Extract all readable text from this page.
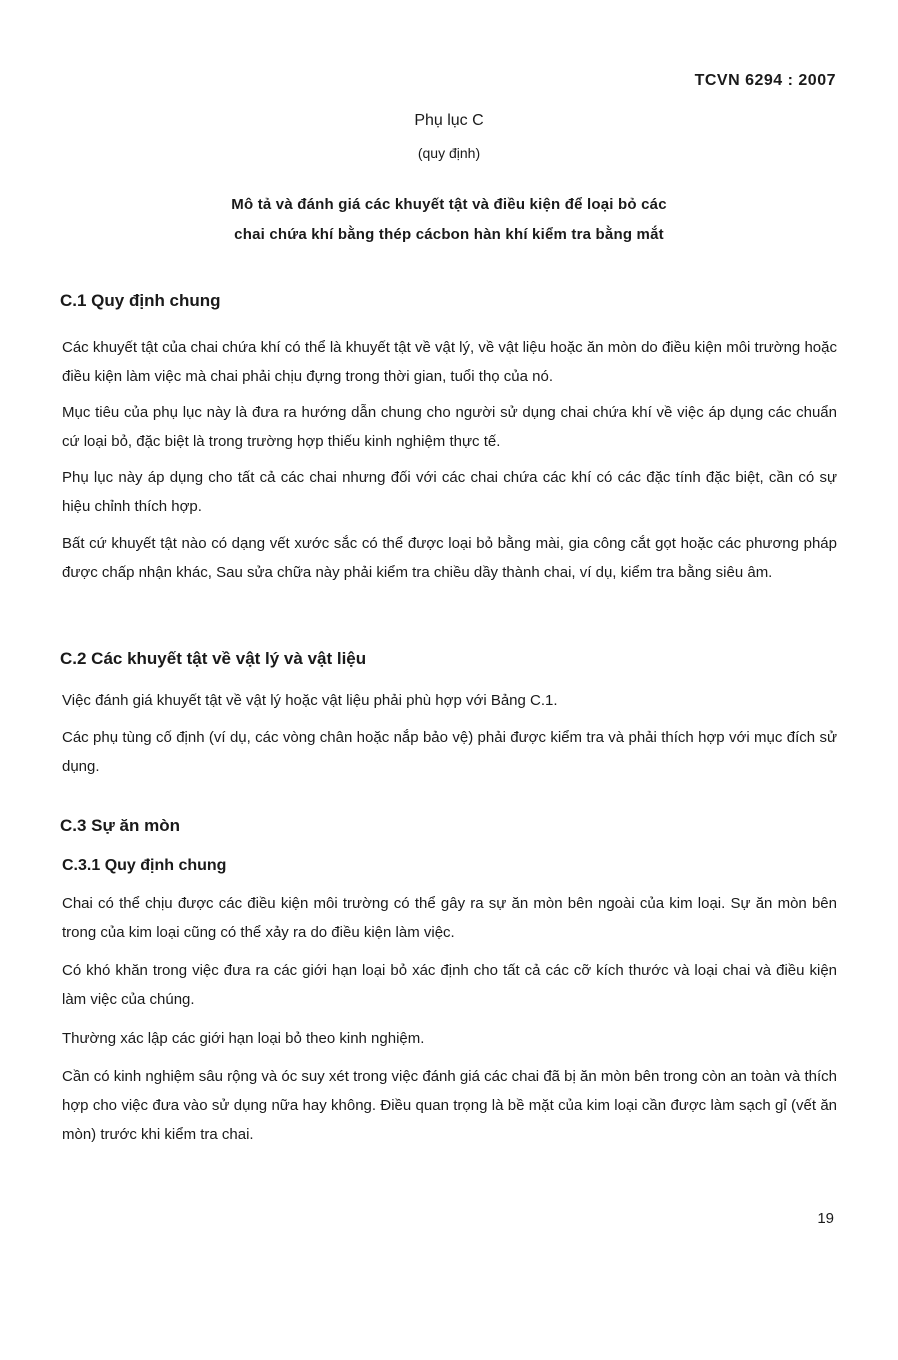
TCVN 6294 : 2007
Phụ lục C
(quy định)
Mô tả và đánh giá các khuyết tật và điều kiện để loại bỏ các
chai chứa khí bằng thép cácbon hàn khí kiểm tra bằng mắt
C.1 Quy định chung
Các khuyết tật của chai chứa khí có thể là khuyết tật về vật lý, về vật liệu hoặc ăn mòn do điều kiện môi trường hoặc điều kiện làm việc mà chai phải chịu đựng trong thời gian, tuổi thọ của nó.
Mục tiêu của phụ lục này là đưa ra hướng dẫn chung cho người sử dụng chai chứa khí về việc áp dụng các chuẩn cứ loại bỏ, đặc biệt là trong trường hợp thiếu kinh nghiệm thực tế.
Phụ lục này áp dụng cho tất cả các chai nhưng đối với các chai chứa các khí có các đặc tính đặc biệt, cần có sự hiệu chỉnh thích hợp.
Bất cứ khuyết tật nào có dạng vết xước sắc có thể được loại bỏ bằng mài, gia công cắt gọt hoặc các phương pháp được chấp nhận khác, Sau sửa chữa này phải kiểm tra chiều dầy thành chai, ví dụ, kiểm tra bằng siêu âm.
C.2 Các khuyết tật về vật lý và vật liệu
Việc đánh giá khuyết tật về vật lý hoặc vật liệu phải phù hợp với Bảng C.1.
Các phụ tùng cố định (ví dụ, các vòng chân hoặc nắp bảo vệ) phải được kiểm tra và phải thích hợp với mục đích sử dụng.
C.3 Sự ăn mòn
C.3.1 Quy định chung
Chai có thể chịu được các điều kiện môi trường có thể gây ra sự ăn mòn bên ngoài của kim loại. Sự ăn mòn bên trong của kim loại cũng có thể xảy ra do điều kiện làm việc.
Có khó khăn trong việc đưa ra các giới hạn loại bỏ xác định cho tất cả các cỡ kích thước và loại chai và điều kiện làm việc của chúng.
Thường xác lập các giới hạn loại bỏ theo kinh nghiệm.
Cần có kinh nghiệm sâu rộng và óc suy xét trong việc đánh giá các chai đã bị ăn mòn bên trong còn an toàn và thích hợp cho việc đưa vào sử dụng nữa hay không. Điều quan trọng là bề mặt của kim loại cần được làm sạch gỉ (vết ăn mòn) trước khi kiểm tra chai.
19
